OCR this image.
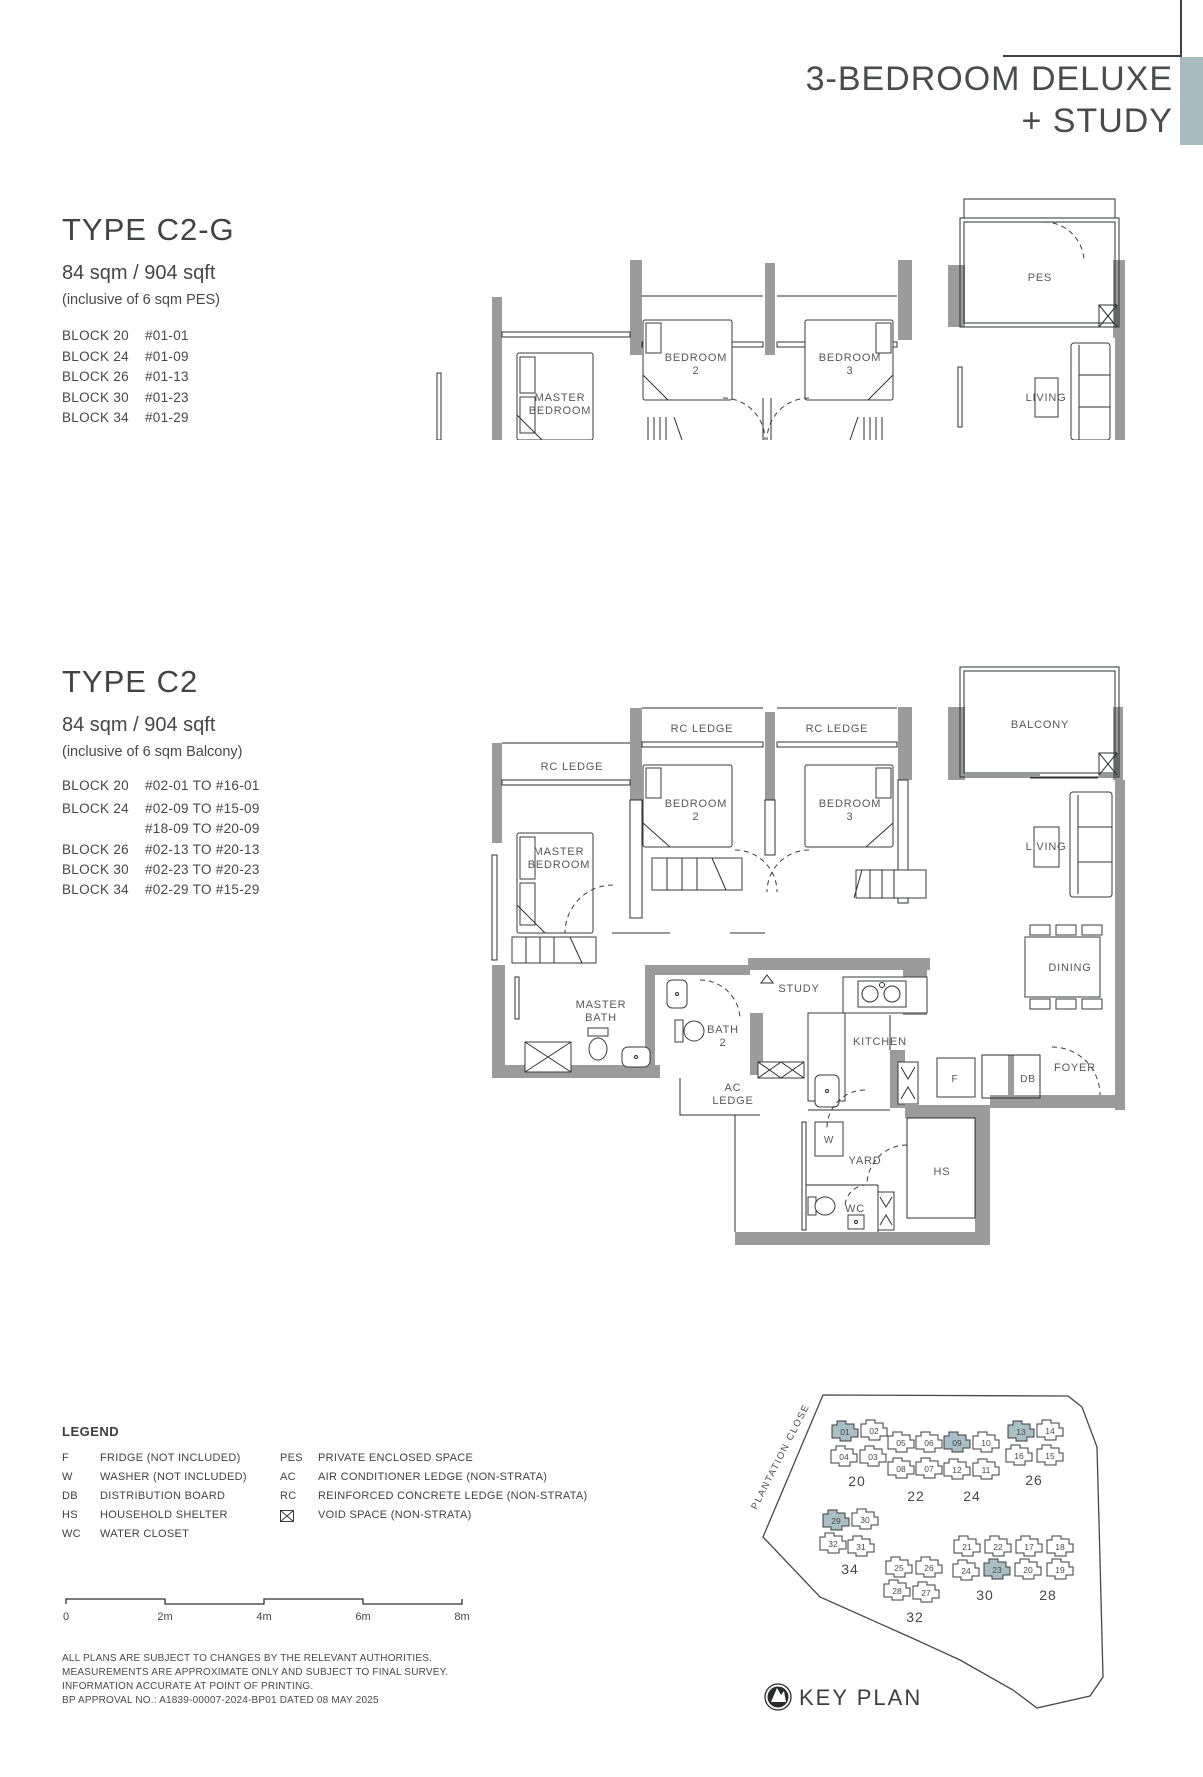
3-BEDROOM DELUXE
+ STUDY
TYPE C2-G
84 sqm / 904 sqft
(inclusive of 6 sqm PES)
BLOCK 20	#01-01
BLOCK 24	#01-09
BLOCK 26	#01-13
BLOCK 30	#01-23
BLOCK 34	#01-29
MASTER
BEDROOM
BEDROOM
2
BEDROOM
3
PES
LIVING
TYPE C2
84 sqm / 904 sqft
(inclusive of 6 sqm Balcony)
BLOCK 20	#02-01 TO #16-01
BLOCK 24	#02-09 TO #15-09
#18-09 TO #20-09
BLOCK 26	#02-13 TO #20-13
BLOCK 30	#02-23 TO #20-23
BLOCK 34	#02-29 TO #15-29
RC LEDGE
RC LEDGE	RC LEDGE	BALCONY
BEDROOM
2
BEDROOM
3
MASTER
BEDROOM
LIVING
DINING
MASTER
BATH
BATH
2
STUDY
KITCHEN
AC
LEDGE
FOYER
YARD
HS
WC
W
F	DB
LEGEND
F	FRIDGE (NOT INCLUDED)
W WASHER (NOT INCLUDED)
DB DISTRIBUTION BOARD
HS HOUSEHOLD SHELTER
WC WATER CLOSET
PES PRIVATE ENCLOSED SPACE
AC AIR CONDITIONER LEDGE (NON-STRATA)
RC REINFORCED CONCRETE LEDGE (NON-STRATA)
VOID SPACE (NON-STRATA)
0	2m	4m	6m	8m
ALL PLANS ARE SUBJECT TO CHANGES BY THE RELEVANT AUTHORITIES.
MEASUREMENTS ARE APPROXIMATE ONLY AND SUBJECT TO FINAL SURVEY.
INFORMATION ACCURATE AT POINT OF PRINTING.
BP APPROVAL NO.: A1839-00007-2024-BP01 DATED 08 MAY 2025
PLANTATION CLOSE	01 02
04 03
20
05 06
08 07
22
09 10
12 11
24
13 14
16	15
26
29 30
32 31
34	25 26
28 27
32
21	22
24	23
30
17	18
20	19
28
KEY PLAN
